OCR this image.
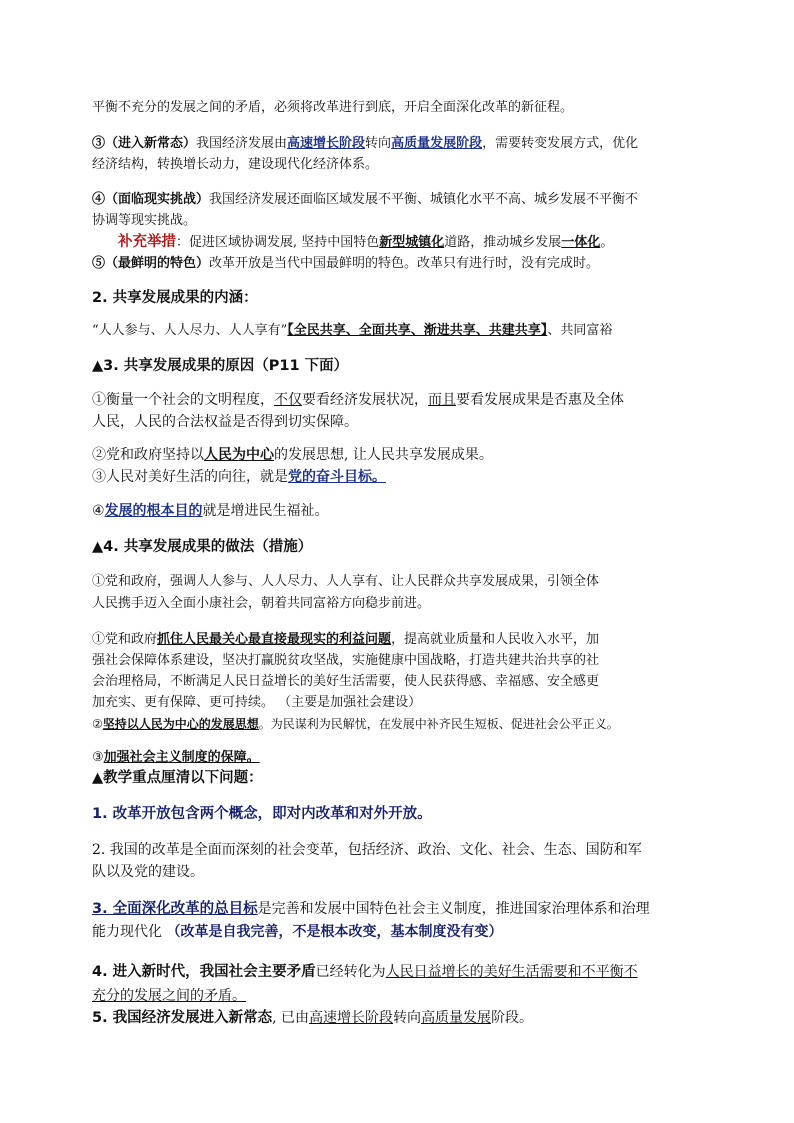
平衡不充分的发展之间的矛盾，必须将改革进行到底，开启全面深化改革的新征程。
③（进入新常态）我国经济发展由高速增长阶段转向高质量发展阶段，需要转变发展方式，优化
经济结构，转换增长动力，建设现代化经济体系。
④（面临现实挑战）我国经济发展还面临区域发展不平衡、城镇化水平不高、城乡发展不平衡不
协调等现实挑战。
补充举措：促进区域协调发展, 坚持中国特色新型城镇化道路，推动城乡发展一体化。
⑤（最鲜明的特色）改革开放是当代中国最鲜明的特色。改革只有进行时，没有完成时。
2. 共享发展成果的内涵：
“人人参与、人人尽力、人人享有”【全民共享、全面共享、渐进共享、共建共享】、共同富裕
▲3. 共享发展成果的原因（P11 下面）
①衡量一个社会的文明程度，不仅要看经济发展状况，而且要看发展成果是否惠及全体
人民，人民的合法权益是否得到切实保障。
②党和政府坚持以人民为中心的发展思想, 让人民共享发展成果。
③人民对美好生活的向往，就是党的奋斗目标。
④发展的根本目的就是增进民生福祉。
▲4. 共享发展成果的做法（措施）
①党和政府，强调人人参与、人人尽力、人人享有、让人民群众共享发展成果，引领全体
人民携手迈入全面小康社会，朝着共同富裕方向稳步前进。
①党和政府抓住人民最关心最直接最现实的利益问题，提高就业质量和人民收入水平，加
强社会保障体系建设，坚决打赢脱贫攻坚战，实施健康中国战略，打造共建共治共享的社
会治理格局，不断满足人民日益增长的美好生活需要，使人民获得感、幸福感、安全感更
加充实、更有保障、更可持续。 （主要是加强社会建设）
②坚持以人民为中心的发展思想。为民谋利为民解忧，在发展中补齐民生短板、促进社会公平正义。
③加强社会主义制度的保障。
▲教学重点厘清以下问题：
1. 改革开放包含两个概念，即对内改革和对外开放。
2. 我国的改革是全面而深刻的社会变革，包括经济、政治、文化、社会、生态、国防和军
队以及党的建设。
3. 全面深化改革的总目标是完善和发展中国特色社会主义制度，推进国家治理体系和治理
能力现代化 （改革是自我完善，不是根本改变，基本制度没有变）
4. 进入新时代，我国社会主要矛盾已经转化为人民日益增长的美好生活需要和不平衡不
充分的发展之间的矛盾。
5. 我国经济发展进入新常态, 已由高速增长阶段转向高质量发展阶段。
